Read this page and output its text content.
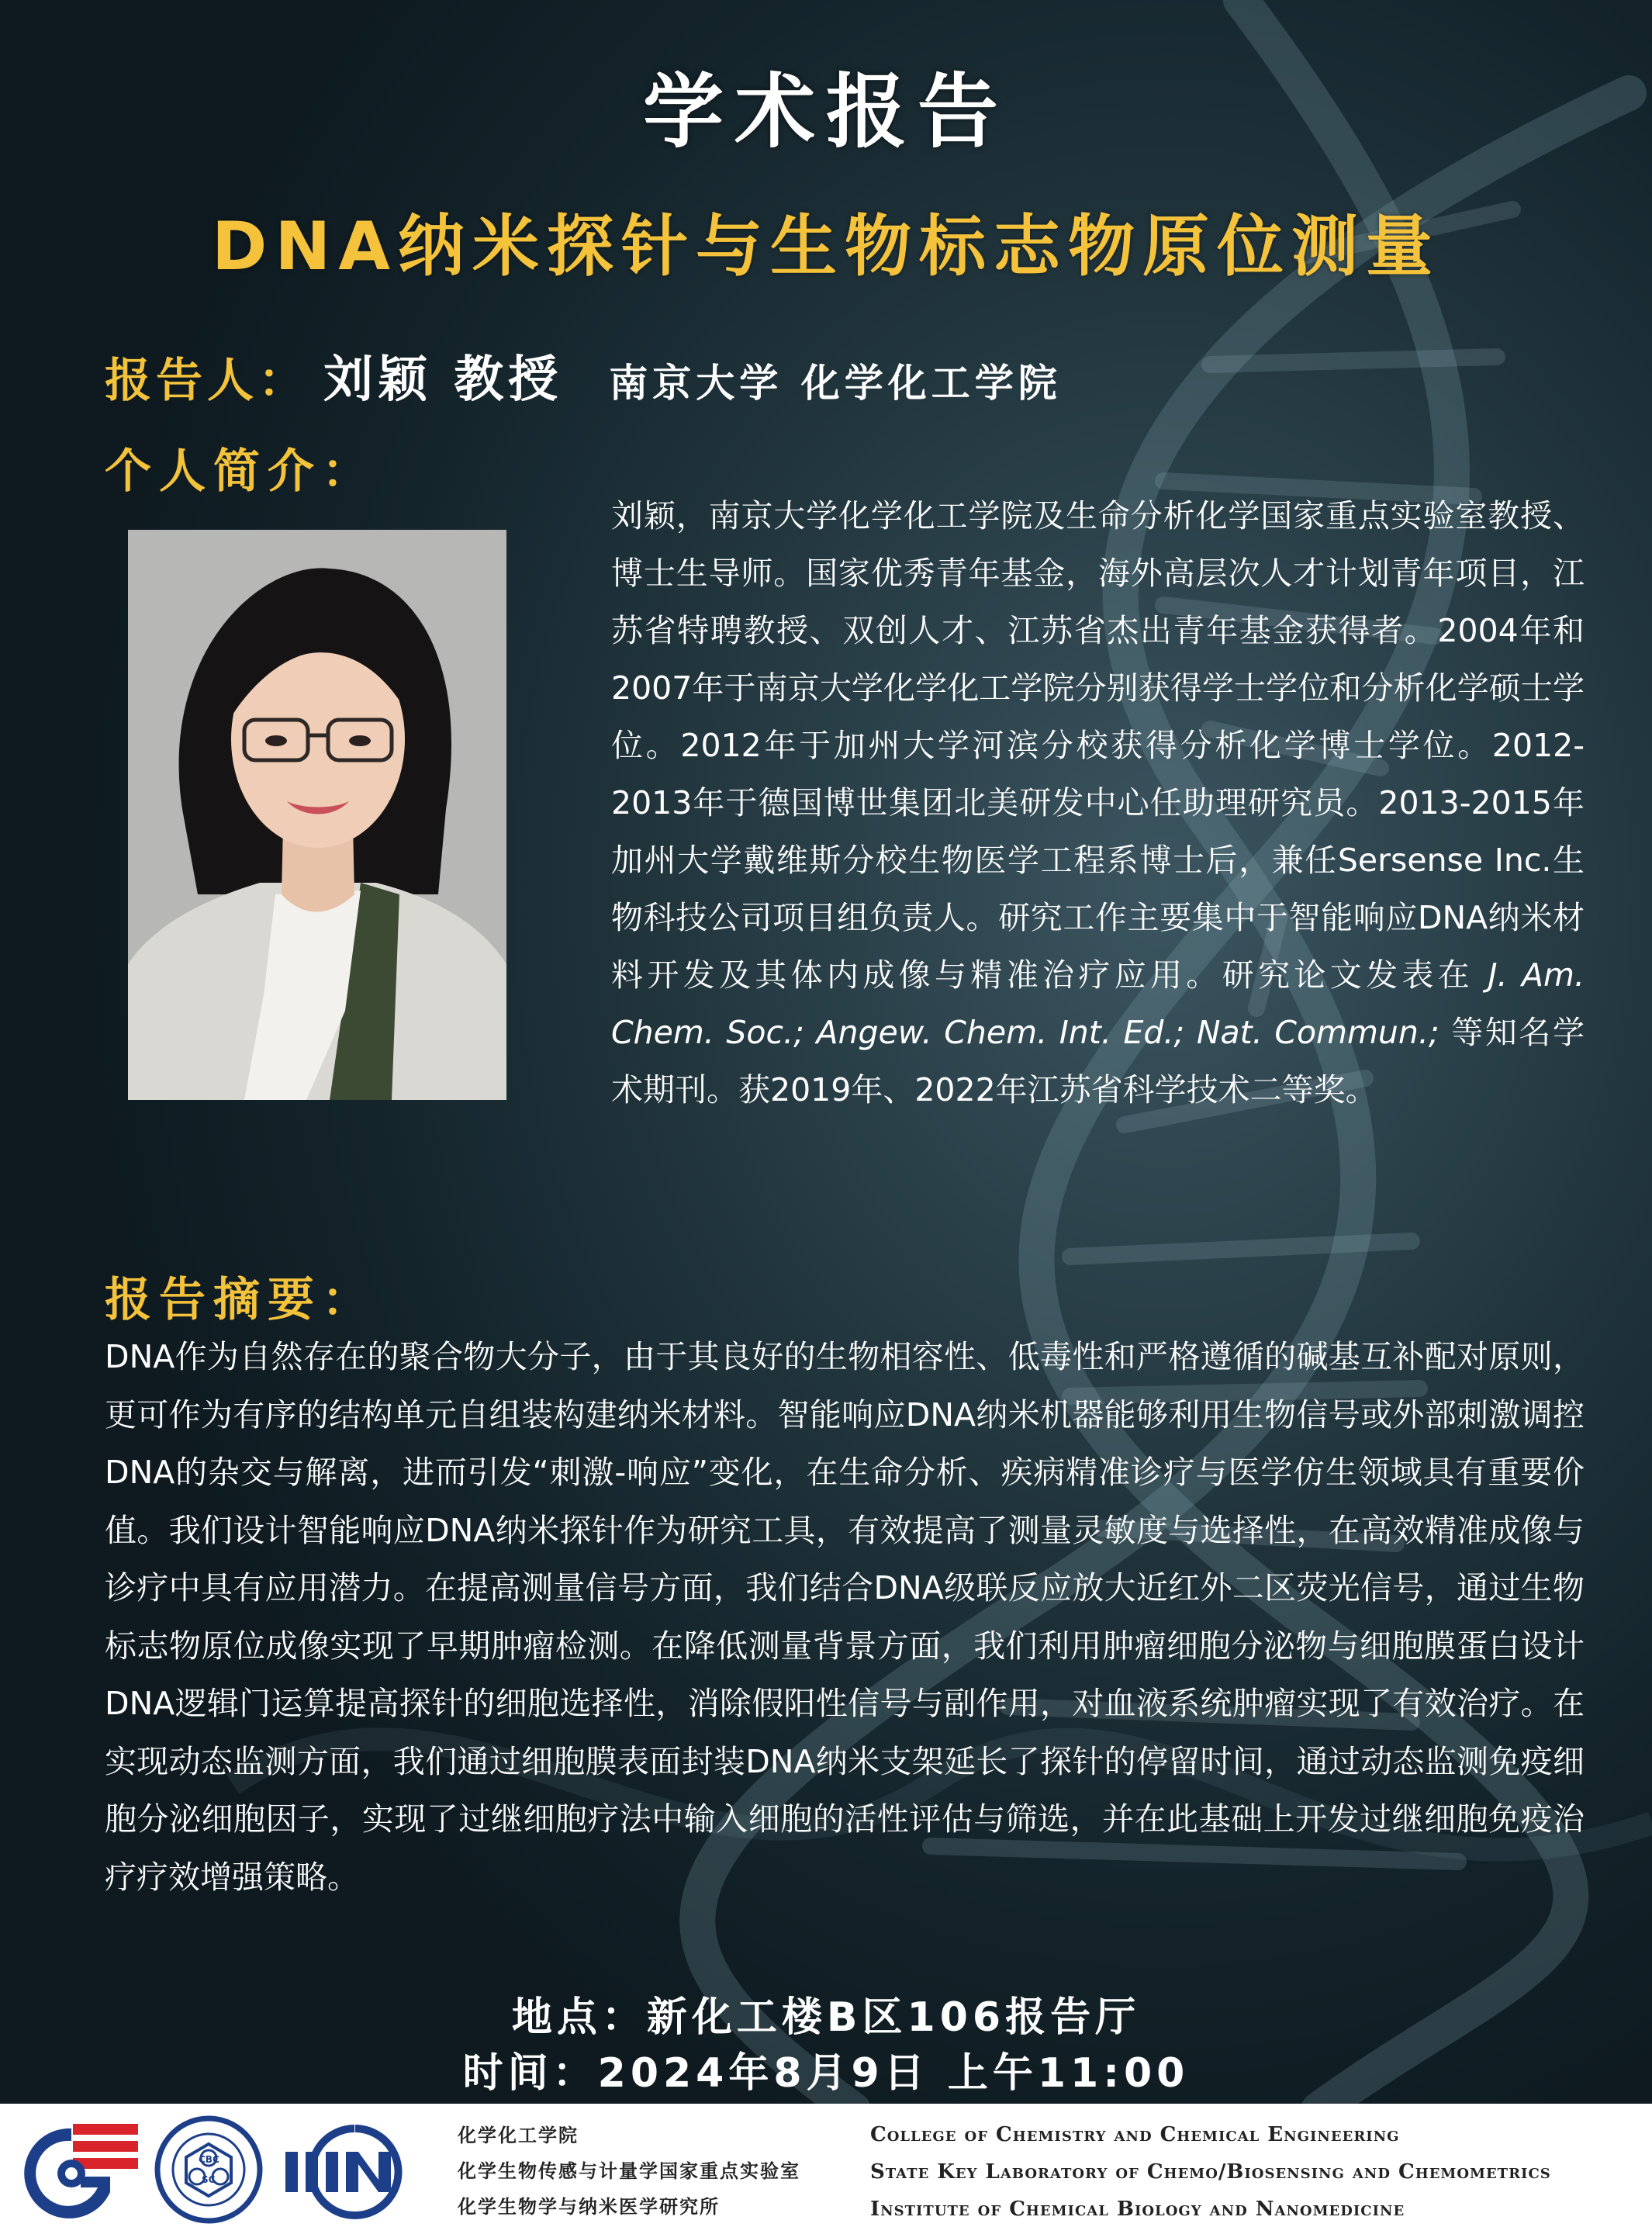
学术报告
DNA纳米探针与生物标志物原位测量
报告人： 刘颖 教授 南京大学 化学化工学院
个人简介：
刘颖，南京大学化学化工学院及生命分析化学国家重点实验室教授、博士生导师。国家优秀青年基金，海外高层次人才计划青年项目，江苏省特聘教授、双创人才、江苏省杰出青年基金获得者。2004年和2007年于南京大学化学化工学院分别获得学士学位和分析化学硕士学位。2012年于加州大学河滨分校获得分析化学博士学位。2012-2013年于德国博世集团北美研发中心任助理研究员。2013-2015年加州大学戴维斯分校生物医学工程系博士后，兼任Sersense Inc.生物科技公司项目组负责人。研究工作主要集中于智能响应DNA纳米材料开发及其体内成像与精准治疗应用。研究论文发表在 J. Am. Chem. Soc.; Angew. Chem. Int. Ed.; Nat. Commun.; 等知名学术期刊。获2019年、2022年江苏省科学技术二等奖。
报告摘要：
DNA作为自然存在的聚合物大分子，由于其良好的生物相容性、低毒性和严格遵循的碱基互补配对原则，更可作为有序的结构单元自组装构建纳米材料。智能响应DNA纳米机器能够利用生物信号或外部刺激调控DNA的杂交与解离，进而引发“刺激-响应”变化，在生命分析、疾病精准诊疗与医学仿生领域具有重要价值。我们设计智能响应DNA纳米探针作为研究工具，有效提高了测量灵敏度与选择性，在高效精准成像与诊疗中具有应用潜力。在提高测量信号方面，我们结合DNA级联反应放大近红外二区荧光信号，通过生物标志物原位成像实现了早期肿瘤检测。在降低测量背景方面，我们利用肿瘤细胞分泌物与细胞膜蛋白设计DNA逻辑门运算提高探针的细胞选择性，消除假阳性信号与副作用，对血液系统肿瘤实现了有效治疗。在实现动态监测方面，我们通过细胞膜表面封装DNA纳米支架延长了探针的停留时间，通过动态监测免疫细胞分泌细胞因子，实现了过继细胞疗法中输入细胞的活性评估与筛选，并在此基础上开发过继细胞免疫治疗疗效增强策略。
地点：新化工楼B区106报告厅
时间：2024年8月9日 上午11:00
CBC
SC
化学化工学院
化学生物传感与计量学国家重点实验室
化学生物学与纳米医学研究所
College of Chemistry and Chemical Engineering
State Key Laboratory of Chemo/Biosensing and Chemometrics
Institute of Chemical Biology and Nanomedicine
